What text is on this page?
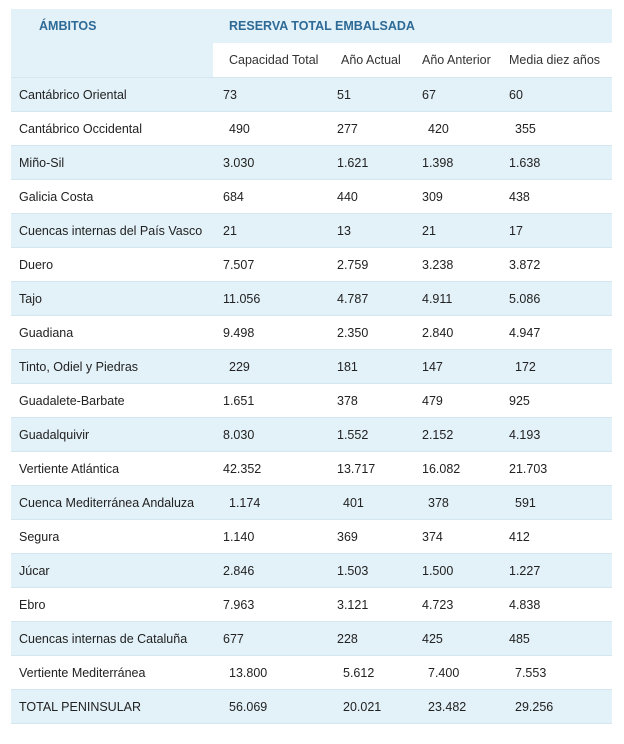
ÁMBITOS	RESERVA TOTAL EMBALSADA			
	Capacidad Total	Año Actual	Año Anterior	Media diez años
Cantábrico Oriental	73	51	67	60
Cantábrico Occidental	490	277	420	355
Miño-Sil	3.030	1.621	1.398	1.638
Galicia Costa	684	440	309	438
Cuencas internas del País Vasco	21	13	21	17
Duero	7.507	2.759	3.238	3.872
Tajo	11.056	4.787	4.911	5.086
Guadiana	9.498	2.350	2.840	4.947
Tinto, Odiel y Piedras	229	181	147	172
Guadalete-Barbate	1.651	378	479	925
Guadalquivir	8.030	1.552	2.152	4.193
Vertiente Atlántica	42.352	13.717	16.082	21.703
Cuenca Mediterránea Andaluza	1.174	401	378	591
Segura	1.140	369	374	412
Júcar	2.846	1.503	1.500	1.227
Ebro	7.963	3.121	4.723	4.838
Cuencas internas de Cataluña	677	228	425	485
Vertiente Mediterránea	13.800	5.612	7.400	7.553
TOTAL PENINSULAR	56.069	20.021	23.482	29.256
